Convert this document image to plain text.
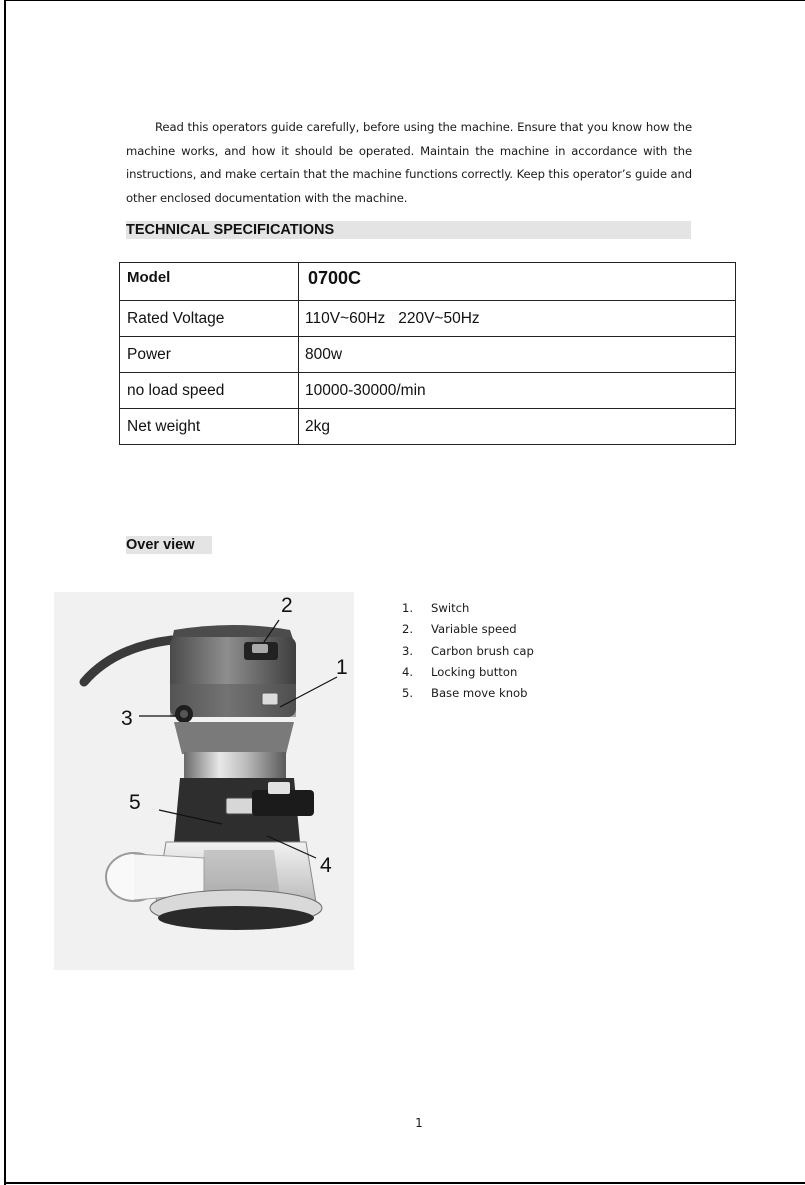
Read this operators guide carefully, before using the machine. Ensure that you know how the machine works, and how it should be operated. Maintain the machine in accordance with the instructions, and make certain that the machine functions correctly. Keep this operator’s guide and other enclosed documentation with the machine.

TECHNICAL SPECIFICATIONS
Model	0700C
Rated Voltage	110V~60Hz   220V~50Hz
Power	800w
no load speed	10000-30000/min
Net weight	2kg
Over view
2
1
3
4
5
1. Switch
2. Variable speed
3. Carbon brush cap
4. Locking button
5. Base move knob
1
